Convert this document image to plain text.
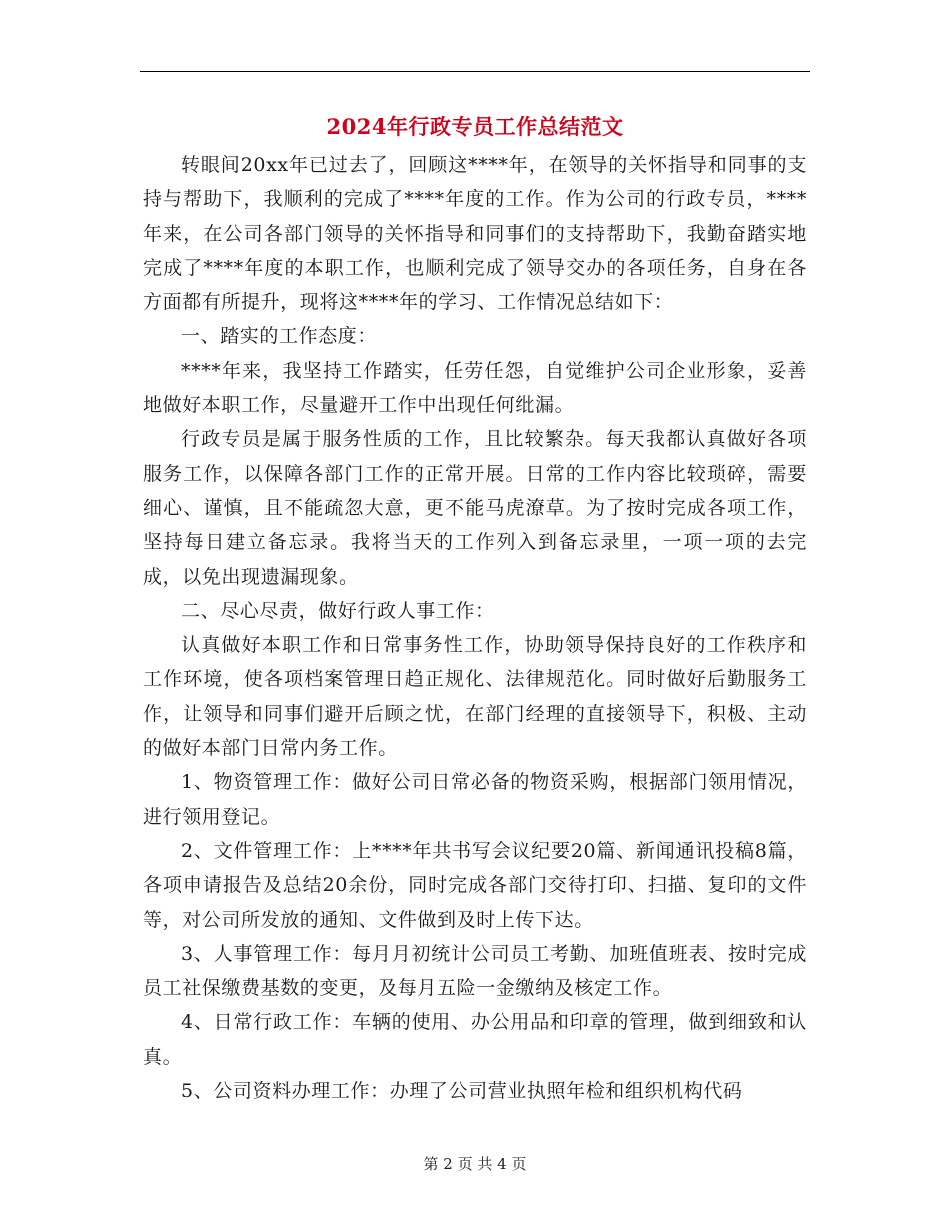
2024年行政专员工作总结范文

转眼间20xx年已过去了，回顾这****年，在领导的关怀指导和同事的支持与帮助下，我顺利的完成了****年度的工作。作为公司的行政专员，****年来，在公司各部门领导的关怀指导和同事们的支持帮助下，我勤奋踏实地完成了****年度的本职工作，也顺利完成了领导交办的各项任务，自身在各方面都有所提升，现将这****年的学习、工作情况总结如下：

一、踏实的工作态度：

****年来，我坚持工作踏实，任劳任怨，自觉维护公司企业形象，妥善地做好本职工作，尽量避开工作中出现任何纰漏。

行政专员是属于服务性质的工作，且比较繁杂。每天我都认真做好各项服务工作，以保障各部门工作的正常开展。日常的工作内容比较琐碎，需要细心、谨慎，且不能疏忽大意，更不能马虎潦草。为了按时完成各项工作，坚持每日建立备忘录。我将当天的工作列入到备忘录里，一项一项的去完成，以免出现遗漏现象。

二、尽心尽责，做好行政人事工作：

认真做好本职工作和日常事务性工作，协助领导保持良好的工作秩序和工作环境，使各项档案管理日趋正规化、法律规范化。同时做好后勤服务工作，让领导和同事们避开后顾之忧，在部门经理的直接领导下，积极、主动的做好本部门日常内务工作。

1、物资管理工作：做好公司日常必备的物资采购，根据部门领用情况，进行领用登记。

2、文件管理工作：上****年共书写会议纪要20篇、新闻通讯投稿8篇，各项申请报告及总结20余份，同时完成各部门交待打印、扫描、复印的文件等，对公司所发放的通知、文件做到及时上传下达。

3、人事管理工作：每月月初统计公司员工考勤、加班值班表、按时完成员工社保缴费基数的变更，及每月五险一金缴纳及核定工作。

4、日常行政工作：车辆的使用、办公用品和印章的管理，做到细致和认真。

5、公司资料办理工作：办理了公司营业执照年检和组织机构代码

第 2 页 共 4 页
